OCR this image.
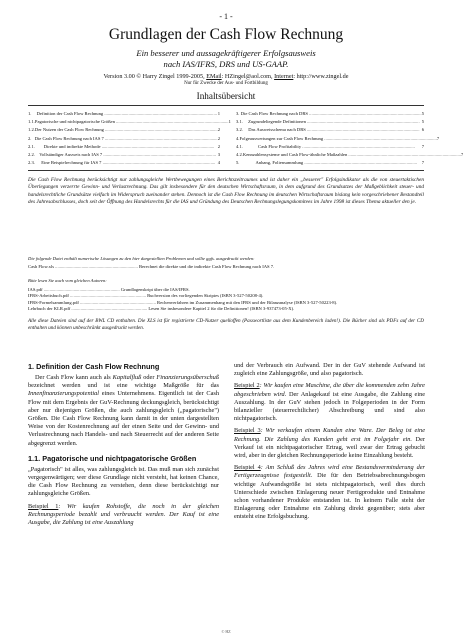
- 1 -
Grundlagen der Cash Flow Rechnung
Ein besserer und aussagekräftigerer Erfolgsausweis
nach IAS/IFRS, DRS und US-GAAP.
Version 3.00 © Harry Zingel 1999-2005, EMail: HZingel@aol.com, Internet: http://www.zingel.de
Nur für Zwecke der Aus- und Fortbildung
Inhaltsübersicht
1.	Definition der Cash Flow Rechnung .................................................................................................. 1
1.1. Pagatorische und nichtpagatorische Größen .................................................................................................. 1
1.2. Der Nutzen der Cash Flow Rechnung .................................................................................................. 2
2. Die Cash Flow Rechnung nach IAS 7 .................................................................................................. 2
2.1.	Direkte und indirekte Methode .................................................................................................. 2
2.2. Vollständiger Ausweis nach IAS 7 .................................................................................................. 3
2.3.	Eine Beispielrechnung für IAS 7 .................................................................................................. 4
3. Die Cash Flow Rechnung nach DRS .................................................................................................. 5
3.1.	Zugrundeliegende Definitionen .................................................................................................. 5
3.2.	Das Ausweisschema nach DRS .................................................................................................. 6
4. Folgeauswertungen zur Cash Flow Rechnung .................................................................................................. 7
4.1.	Cash Flow Profitability ..................................................................................................	7
4.2. Kennzahlensysteme und Cash Flow-ähnliche Maßzahlen .................................................................................................. 7
5.	Anhang, Foliensammlung ..................................................................................................	7
Die Cash Flow Rechnung berücksichtigt nur zahlungsgleiche Wertbewegungen eines Berichtszeitraumes und ist daher ein „besserer" Erfolgsindikator als die von steuertaktischen Überlegungen verzerrte Gewinn- und Verlustrechnung. Das gilt insbesondere für den deutschen Wirtschaftsraum, in dem aufgrund des Grundsatzes der Maßgeblichkeit steuer- und handelsrechtliche Grundsätze vielfach im Widerspruch zueinander stehen. Dennoch ist die Cash Flow Rechnung im deutschen Wirtschaftsraum bislang kein vorgeschriebener Bestandteil des Jahresabschlusses, doch seit der Öffnung des Handelsrechts für die IAS und Gründung des Deutschen Rechnungslegungskomitees im Jahre 1998 ist dieses Thema aktueller den je.
Die folgende Datei enthält numerische Lösungen zu den hier dargestellten Problemen und sollte ggfs. ausgedruckt werden:
Cash Flow.xls ........................................................................ Berechnet die direkte und die indirekte Cash Flow Rechnung nach IAS 7.
Bitte lesen Sie auch vom gleichen Autoren:
IAS.pdf .................................................................. Grundlagenskript über die IAS/IFRS.
IFRS-Arbeitsbuch.pdf .................................................................. Buchversion des vorliegenden Skriptes (ISBN 3-527-50208-4).
IFRS-Formelsammlung.pdf .................................................................. Rechenverfahren im Zusammenhang mit den IFRS und der Bilanzanalyse (ISBN 3-527-50223-8).
Lehrbuch der KLR.pdf .................................................................. Lesen Sie insbesondere Kapitel 2 für die Definitionen! (ISBN 3-937473-05-X).
Alle diese Dateien sind auf der BWL CD enthalten. Die XLS ist für registrierte CD-Nutzer quelloffen (Passwortliste aus dem Kundenbereich laden!). Die Bücher sind als PDFs auf der CD enthalten und können unbeschränkt ausgedruckt werden.
1. Definition der Cash Flow Rechnung

Der Cash Flow kann auch als Kapitalfluß oder Finanzierungsüberschuß bezeichnet werden und ist eine wichtige Maßgröße für das Innenfinanzierungspotential eines Unternehmens. Eigentlich ist der Cash Flow mit dem Ergebnis der GuV-Rechnung deckungsgleich, berücksichtigt aber nur diejenigen Größen, die auch zahlungsgleich („pagatorische") Größen. Die Cash Flow Rechnung kann damit in der unten dargestellten Weise von der Kostenrechnung auf der einen Seite und der Gewinn- und Verlustrechnung nach Handels- und nach Steuerrecht auf der anderen Seite abgegrenzt werden.

1.1. Pagatorische und nichtpagatorische Größen

„Pagatorisch" ist alles, was zahlungsgleich ist. Das muß man sich zunächst vergegenwärtigen; wer diese Grundlage nicht versteht, hat keinen Chance, die Cash Flow Rechnung zu verstehen, denn diese berücksichtigt nur zahlungsgleiche Größen.

Beispiel 1: Wir kaufen Rohstoffe, die noch in der gleichen Rechnungsperiode bezahlt und verbraucht werden. Der Kauf ist eine Ausgabe, die Zahlung ist eine Auszahlung

und der Verbrauch ein Aufwand. Der in der GuV stehende Aufwand ist zugleich eine Zahlungsgröße, und also pagatorisch.

Beispiel 2: Wir kaufen eine Maschine, die über die kommenden zehn Jahre abgeschrieben wird. Der Anlagekauf ist eine Ausgabe, die Zahlung eine Auszahlung. In der GuV stehen jedoch in Folgeperioden in der Form bilanzieller (steuerrechtlicher) Abschreibung und sind also nichtpagatorisch.

Beispiel 3: Wir verkaufen einem Kunden eine Ware. Der Beleg ist eine Rechnung. Die Zahlung des Kunden geht erst im Folgejahr ein. Der Verkauf ist ein nichtpagatorischer Ertrag, weil zwar der Ertrag gebucht wird, aber in der gleichen Rechnungsperiode keine Einzahlung besteht.

Beispiel 4: Am Schluß des Jahres wird eine Bestandsverminderung der Fertigerzeugnisse festgestellt. Die für den Betriebsabrechnungsbogen wichtige Aufwandsgröße ist stets nichtpagatorisch, weil dies durch Unterschiede zwischen Einlagerung neuer Fertigprodukte und Entnahme schon vorhandener Produkte entstanden ist. In keinem Falle steht der Einlagerung oder Entnahme ein Zahlung direkt gegenüber; stets aber entsteht eine Erfolgsbuchung.

© HZ
